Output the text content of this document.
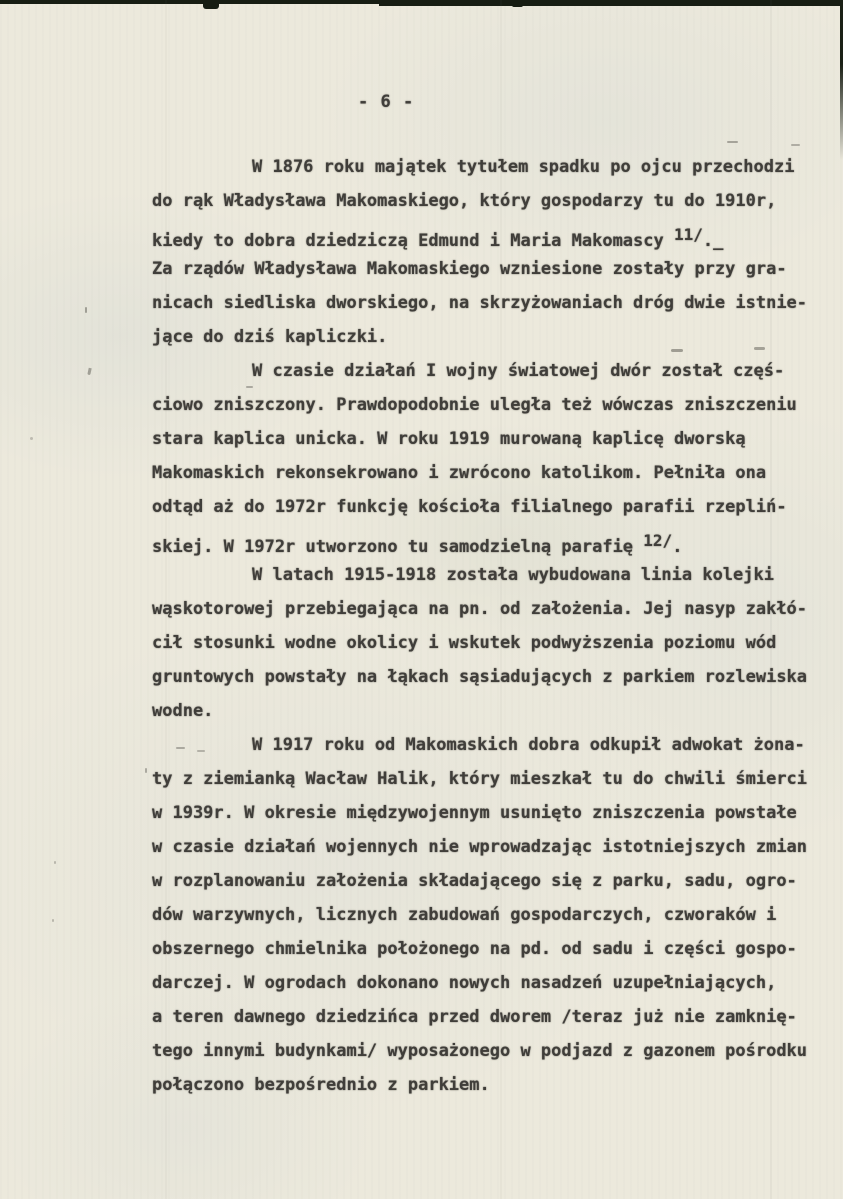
- 6 -
W 1876 roku majątek tytułem spadku po ojcu przechodzi
do rąk Władysława Makomaskiego, który gospodarzy tu do 1910r,
kiedy to dobra dziedziczą Edmund i Maria Makomascy 11/._
Za rządów Władysława Makomaskiego wzniesione zostały przy gra-
nicach siedliska dworskiego, na skrzyżowaniach dróg dwie istnie-
jące do dziś kapliczki.
W czasie działań I wojny światowej dwór został częś-
ciowo zniszczony. Prawdopodobnie uległa też wówczas zniszczeniu
stara kaplica unicka. W roku 1919 murowaną kaplicę dworską
Makomaskich rekonsekrowano i zwrócono katolikom. Pełniła ona
odtąd aż do 1972r funkcję kościoła filialnego parafii rzepliń-
skiej. W 1972r utworzono tu samodzielną parafię 12/.
W latach 1915-1918 została wybudowana linia kolejki
wąskotorowej przebiegająca na pn. od założenia. Jej nasyp zakłó-
cił stosunki wodne okolicy i wskutek podwyższenia poziomu wód
gruntowych powstały na łąkach sąsiadujących z parkiem rozlewiska
wodne.
W 1917 roku od Makomaskich dobra odkupił adwokat żona-
ty z ziemianką Wacław Halik, który mieszkał tu do chwili śmierci
w 1939r. W okresie międzywojennym usunięto zniszczenia powstałe
w czasie działań wojennych nie wprowadzając istotniejszych zmian
w rozplanowaniu założenia składającego się z parku, sadu, ogro-
dów warzywnych, licznych zabudowań gospodarczych, czworaków i
obszernego chmielnika położonego na pd. od sadu i części gospo-
darczej. W ogrodach dokonano nowych nasadzeń uzupełniających,
a teren dawnego dziedzińca przed dworem /teraz już nie zamknię-
tego innymi budynkami/ wyposażonego w podjazd z gazonem pośrodku
połączono bezpośrednio z parkiem.
